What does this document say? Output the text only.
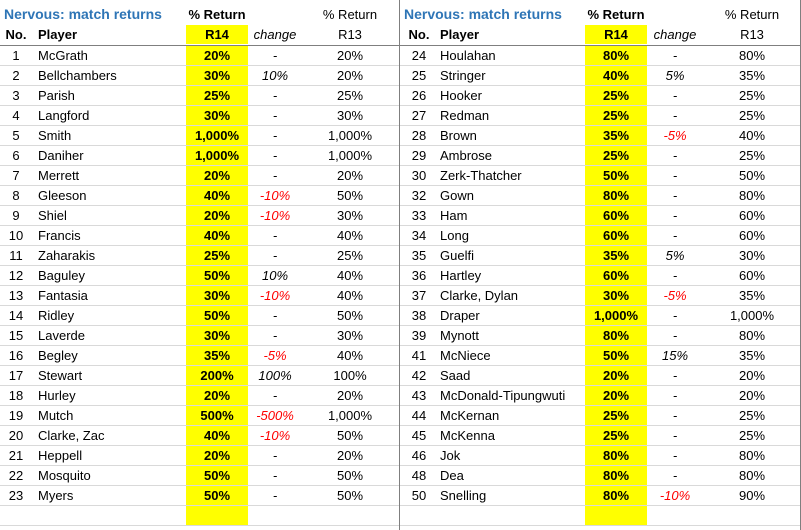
Nervous: match returns	% Return	% Return
No. Player	R14	change	R13
1	McGrath	20%	-	20%
2	Bellchambers	30%	10%	20%
3	Parish	25%	-	25%
4	Langford	30%	-	30%
5	Smith	1,000%	-	1,000%
6	Daniher	1,000%	-	1,000%
7	Merrett	20%	-	20%
8	Gleeson	40%	-10%	50%
9	Shiel	20%	-10%	30%
10	Francis	40%	-	40%
11	Zaharakis	25%	-	25%
12	Baguley	50%	10%	40%
13	Fantasia	30%	-10%	40%
14	Ridley	50%	-	50%
15	Laverde	30%	-	30%
16	Begley	35%	-5%	40%
17	Stewart	200%	100%	100%
18	Hurley	20%	-	20%
19	Mutch	500%	-500%	1,000%
20	Clarke, Zac	40%	-10%	50%
21	Heppell	20%	-	20%
22	Mosquito	50%	-	50%
23	Myers	50%	-	50%
Nervous: match returns	% Return	% Return
No. Player	R14	change	R13
24	Houlahan	80%	-	80%
25	Stringer	40%	5%	35%
26	Hooker	25%	-	25%
27	Redman	25%	-	25%
28	Brown	35%	-5%	40%
29	Ambrose	25%	-	25%
30	Zerk-Thatcher	50%	-	50%
32	Gown	80%	-	80%
33	Ham	60%	-	60%
34	Long	60%	-	60%
35	Guelfi	35%	5%	30%
36	Hartley	60%	-	60%
37	Clarke, Dylan	30%	-5%	35%
38	Draper	1,000%	-	1,000%
39	Mynott	80%	-	80%
41	McNiece	50%	15%	35%
42	Saad	20%	-	20%
43	McDonald-Tipungwuti	20%	-	20%
44	McKernan	25%	-	25%
45	McKenna	25%	-	25%
46	Jok	80%	-	80%
48	Dea	80%	-	80%
50	Snelling	80%	-10%	90%
